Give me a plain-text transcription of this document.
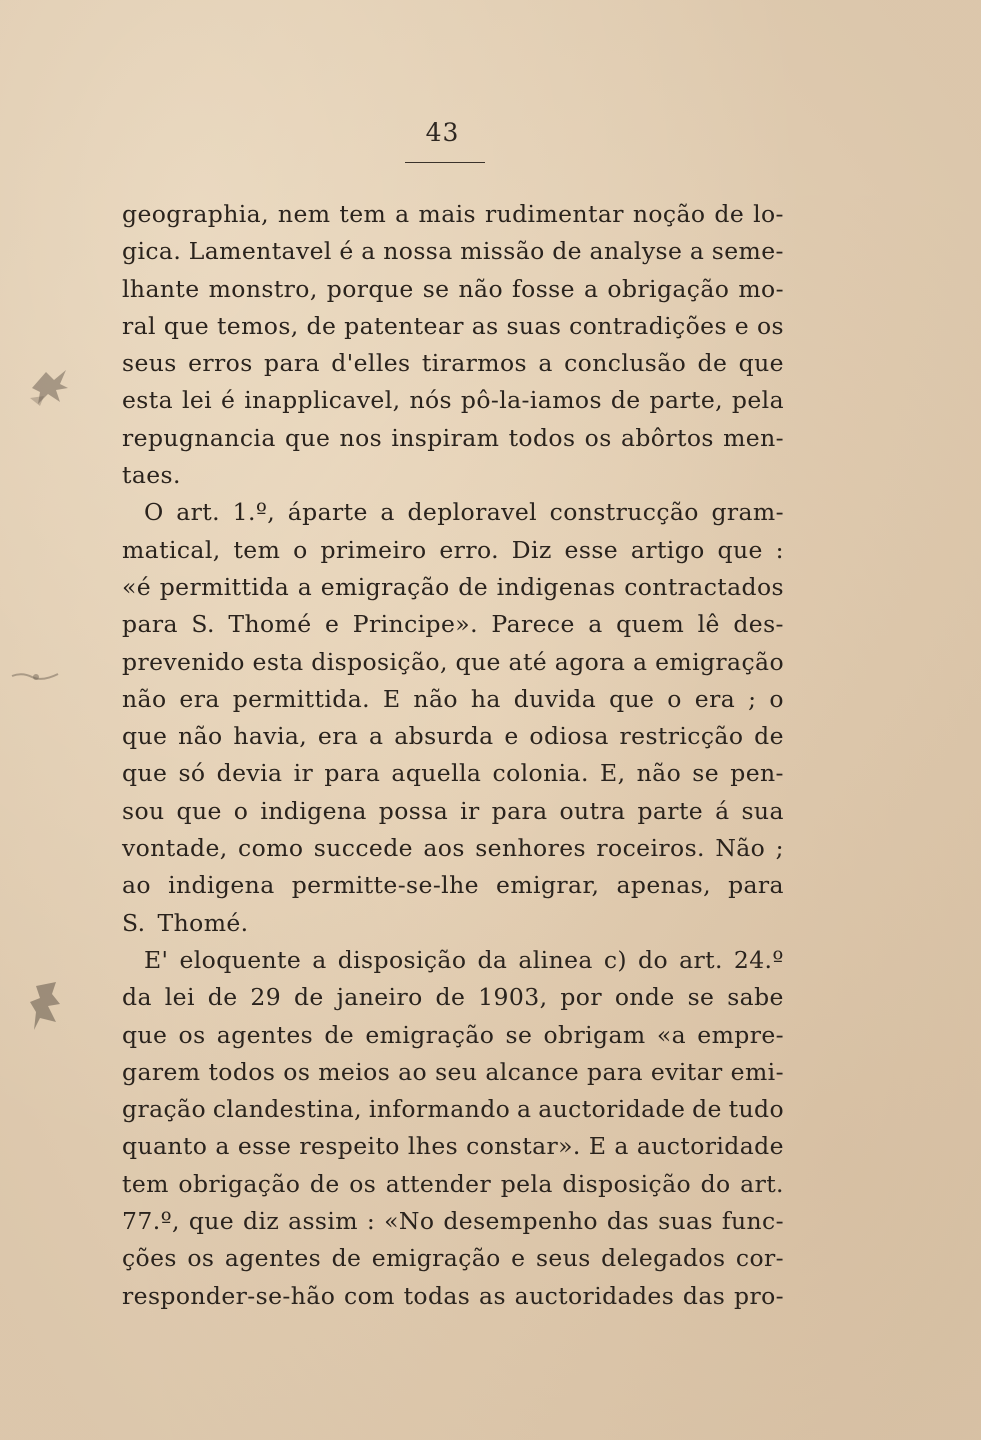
43
geographia, nem tem a mais rudimentar noção de lo-
gica. Lamentavel é a nossa missão de analyse a seme-
lhante monstro, porque se não fosse a obrigação mo-
ral que temos, de patentear as suas contradições e os
seus erros para d'elles tirarmos a conclusão de que
esta lei é inapplicavel, nós pô-la-iamos de parte, pela
repugnancia que nos inspiram todos os abôrtos men-
taes.
O art. 1.º, áparte a deploravel construcção gram-
matical, tem o primeiro erro. Diz esse artigo que :
«é permittida a emigração de indigenas contractados
para S. Thomé e Principe». Parece a quem lê des-
prevenido esta disposição, que até agora a emigração
não era permittida. E não ha duvida que o era ; o
que não havia, era a absurda e odiosa restricção de
que só devia ir para aquella colonia. E, não se pen-
sou que o indigena possa ir para outra parte á sua
vontade, como succede aos senhores roceiros. Não ;
ao indigena permitte-se-lhe emigrar, apenas, para
S. Thomé.
E' eloquente a disposição da alinea c) do art. 24.º
da lei de 29 de janeiro de 1903, por onde se sabe
que os agentes de emigração se obrigam «a empre-
garem todos os meios ao seu alcance para evitar emi-
gração clandestina, informando a auctoridade de tudo
quanto a esse respeito lhes constar». E a auctoridade
tem obrigação de os attender pela disposição do art.
77.º, que diz assim : «No desempenho das suas func-
ções os agentes de emigração e seus delegados cor-
responder-se-hão com todas as auctoridades das pro-
